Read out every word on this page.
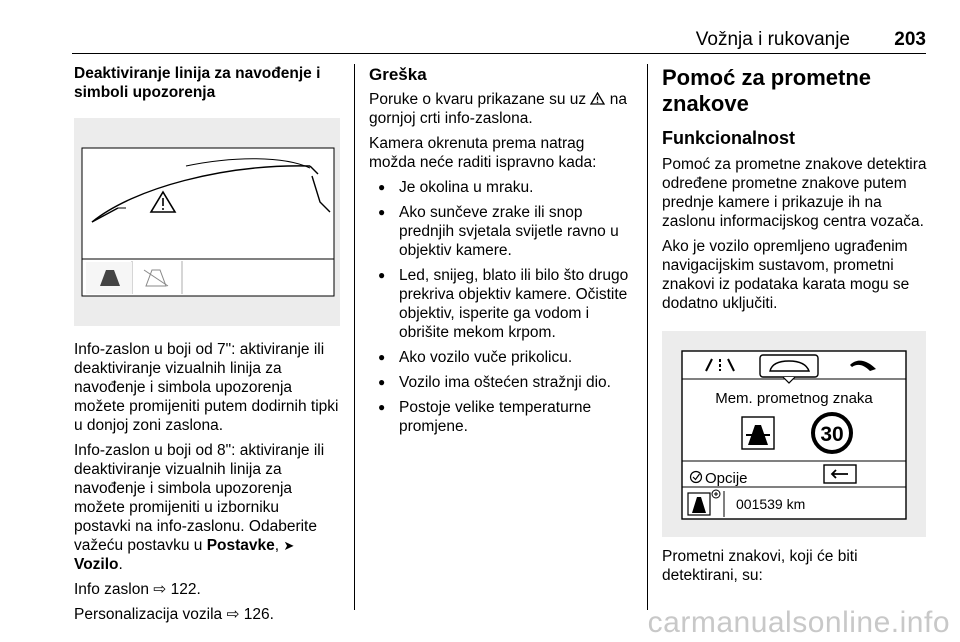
Vožnja i rukovanje 203
Deaktiviranje linija za navođenje i simboli upozorenja

Info-zaslon u boji od 7": aktiviranje ili deaktiviranje vizualnih linija za navođenje i simbola upozorenja možete promijeniti putem dodirnih tipki u donjoj zoni zaslona.

Info-zaslon u boji od 8": aktiviranje ili deaktiviranje vizualnih linija za navođenje i simbola upozorenja možete promijeniti u izborniku postavki na info-zaslonu. Odaberite važeću postavku u Postavke, ➤
Vozilo.

Info zaslon ⇨ 122.

Personalizacija vozila ⇨ 126.

Greška

Poruke o kvaru prikazane su uz  na gornjoj crti info-zaslona.

Kamera okrenuta prema natrag možda neće raditi ispravno kada:

● Je okolina u mraku.
● Ako sunčeve zrake ili snop prednjih svjetala svijetle ravno u objektiv kamere.
● Led, snijeg, blato ili bilo što drugo prekriva objektiv kamere. Očistite objektiv, isperite ga vodom i obrišite mekom krpom.
● Ako vozilo vuče prikolicu.
● Vozilo ima oštećen stražnji dio.
● Postoje velike temperaturne promjene.
Pomoć za prometne znakove
Funkcionalnost

Pomoć za prometne znakove detektira određene prometne znakove putem prednje kamere i prikazuje ih na zaslonu informacijskog centra vozača.

Ako je vozilo opremljeno ugrađenim navigacijskim sustavom, prometni znakovi iz podataka karata mogu se dodatno uključiti.

Mem. prometnog znaka
30
Opcije
001539 km

Prometni znakovi, koji će biti detektirani, su:

carmanualsonline.info
